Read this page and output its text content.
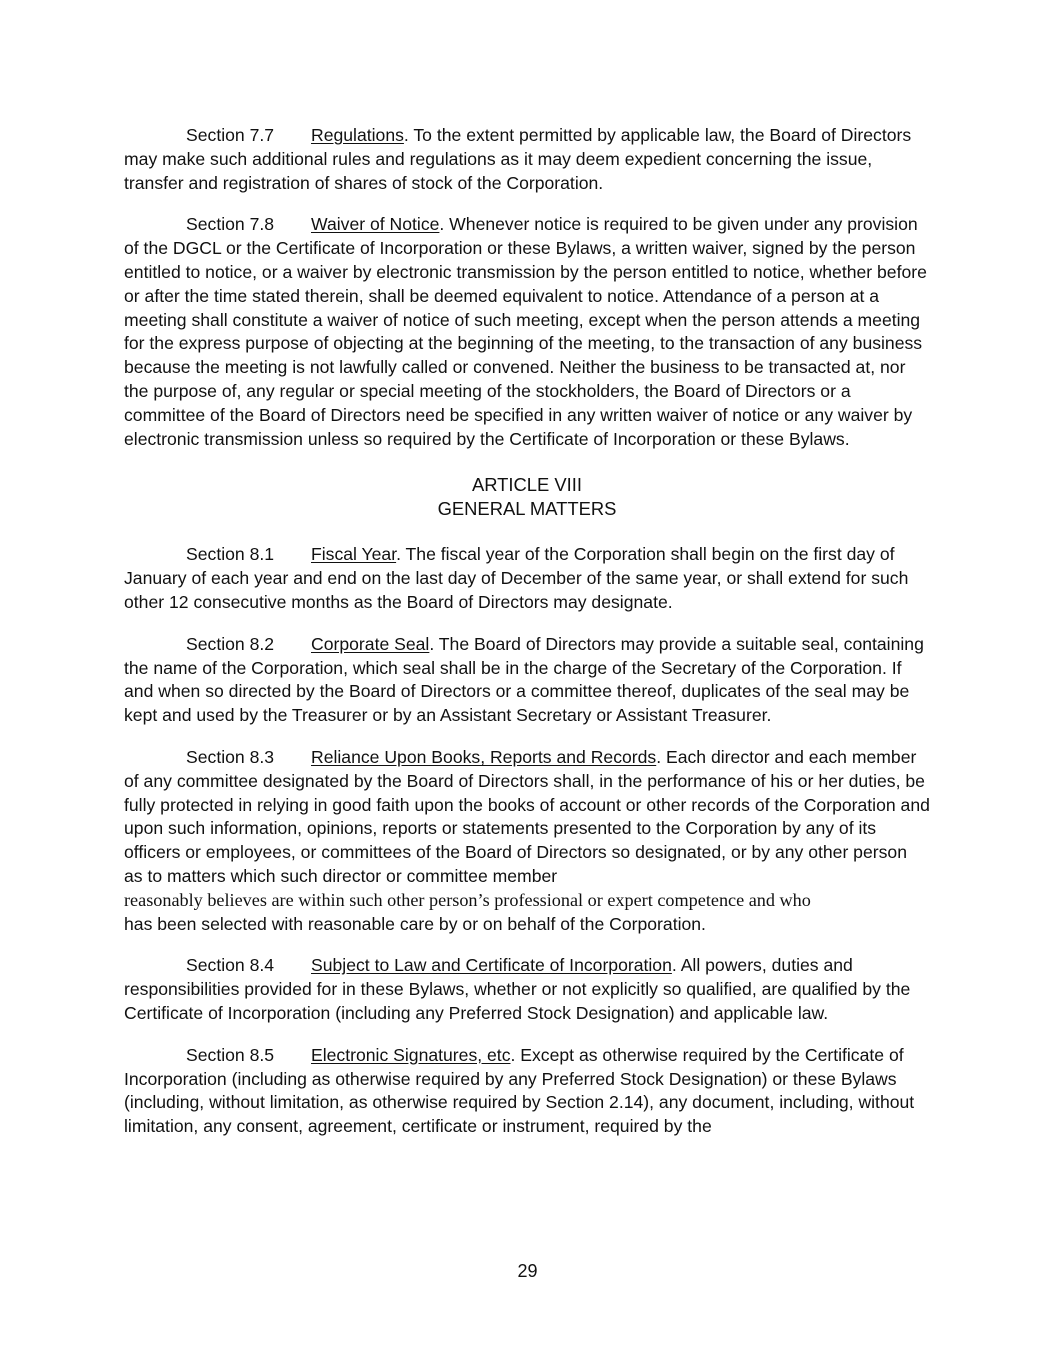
Section 7.7 Regulations. To the extent permitted by applicable law, the Board of Directors may make such additional rules and regulations as it may deem expedient concerning the issue, transfer and registration of shares of stock of the Corporation.

Section 7.8 Waiver of Notice. Whenever notice is required to be given under any provision of the DGCL or the Certificate of Incorporation or these Bylaws, a written waiver, signed by the person entitled to notice, or a waiver by electronic transmission by the person entitled to notice, whether before or after the time stated therein, shall be deemed equivalent to notice. Attendance of a person at a meeting shall constitute a waiver of notice of such meeting, except when the person attends a meeting for the express purpose of objecting at the beginning of the meeting, to the transaction of any business because the meeting is not lawfully called or convened. Neither the business to be transacted at, nor the purpose of, any regular or special meeting of the stockholders, the Board of Directors or a committee of the Board of Directors need be specified in any written waiver of notice or any waiver by electronic transmission unless so required by the Certificate of Incorporation or these Bylaws.

ARTICLE VIII
GENERAL MATTERS

Section 8.1 Fiscal Year. The fiscal year of the Corporation shall begin on the first day of January of each year and end on the last day of December of the same year, or shall extend for such other 12 consecutive months as the Board of Directors may designate.

Section 8.2 Corporate Seal. The Board of Directors may provide a suitable seal, containing the name of the Corporation, which seal shall be in the charge of the Secretary of the Corporation. If and when so directed by the Board of Directors or a committee thereof, duplicates of the seal may be kept and used by the Treasurer or by an Assistant Secretary or Assistant Treasurer.

Section 8.3 Reliance Upon Books, Reports and Records. Each director and each member of any committee designated by the Board of Directors shall, in the performance of his or her duties, be fully protected in relying in good faith upon the books of account or other records of the Corporation and upon such information, opinions, reports or statements presented to the Corporation by any of its officers or employees, or committees of the Board of Directors so designated, or by any other person as to matters which such director or committee member
reasonably believes are within such other person’s professional or expert competence and who
has been selected with reasonable care by or on behalf of the Corporation.

Section 8.4 Subject to Law and Certificate of Incorporation. All powers, duties and responsibilities provided for in these Bylaws, whether or not explicitly so qualified, are qualified by the Certificate of Incorporation (including any Preferred Stock Designation) and applicable law.

Section 8.5 Electronic Signatures, etc. Except as otherwise required by the Certificate of Incorporation (including as otherwise required by any Preferred Stock Designation) or these Bylaws (including, without limitation, as otherwise required by Section 2.14), any document, including, without limitation, any consent, agreement, certificate or instrument, required by the

29
